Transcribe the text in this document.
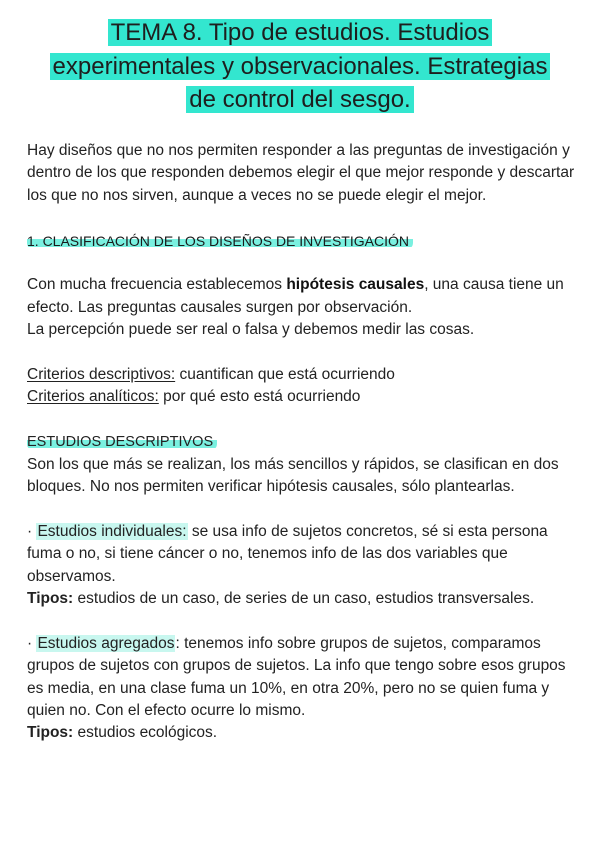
TEMA 8. Tipo de estudios. Estudios
experimentales y observacionales. Estrategias
de control del sesgo.

Hay diseños que no nos permiten responder a las preguntas de investigación y dentro de los que responden debemos elegir el que mejor responde y descartar los que no nos sirven, aunque a veces no se puede elegir el mejor.

1. CLASIFICACIÓN DE LOS DISEÑOS DE INVESTIGACIÓN

Con mucha frecuencia establecemos hipótesis causales, una causa tiene un efecto. Las preguntas causales surgen por observación.

La percepción puede ser real o falsa y debemos medir las cosas.

Criterios descriptivos: cuantifican que está ocurriendo

Criterios analíticos: por qué esto está ocurriendo

ESTUDIOS DESCRIPTIVOS

Son los que más se realizan, los más sencillos y rápidos, se clasifican en dos bloques. No nos permiten verificar hipótesis causales, sólo plantearlas.

· Estudios individuales: se usa info de sujetos concretos, sé si esta persona fuma o no, si tiene cáncer o no, tenemos info de las dos variables que observamos.

Tipos: estudios de un caso, de series de un caso, estudios transversales.

· Estudios agregados: tenemos info sobre grupos de sujetos, comparamos grupos de sujetos con grupos de sujetos. La info que tengo sobre esos grupos es media, en una clase fuma un 10%, en otra 20%, pero no se quien fuma y quien no. Con el efecto ocurre lo mismo.

Tipos: estudios ecológicos.
